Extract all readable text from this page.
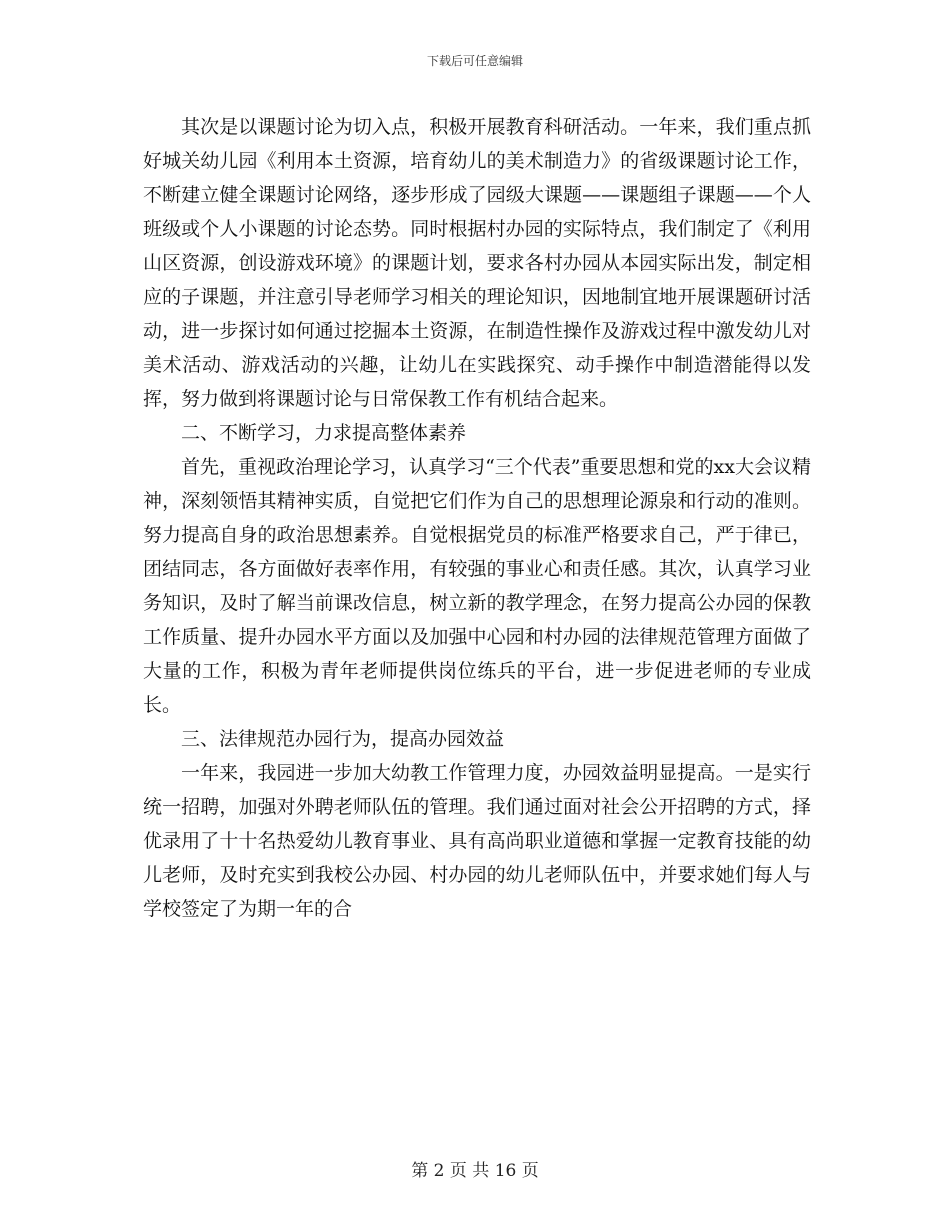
下载后可任意编辑

其次是以课题讨论为切入点，积极开展教育科研活动。一年来，我们重点抓好城关幼儿园《利用本土资源，培育幼儿的美术制造力》的省级课题讨论工作，不断建立健全课题讨论网络，逐步形成了园级大课题——课题组子课题——个人班级或个人小课题的讨论态势。同时根据村办园的实际特点，我们制定了《利用山区资源，创设游戏环境》的课题计划，要求各村办园从本园实际出发，制定相应的子课题，并注意引导老师学习相关的理论知识，因地制宜地开展课题研讨活动，进一步探讨如何通过挖掘本土资源，在制造性操作及游戏过程中激发幼儿对美术活动、游戏活动的兴趣，让幼儿在实践探究、动手操作中制造潜能得以发挥，努力做到将课题讨论与日常保教工作有机结合起来。

二、不断学习，力求提高整体素养

首先，重视政治理论学习，认真学习“三个代表”重要思想和党的xx大会议精神，深刻领悟其精神实质，自觉把它们作为自己的思想理论源泉和行动的准则。努力提高自身的政治思想素养。自觉根据党员的标准严格要求自己，严于律已，团结同志，各方面做好表率作用，有较强的事业心和责任感。其次，认真学习业务知识，及时了解当前课改信息，树立新的教学理念，在努力提高公办园的保教工作质量、提升办园水平方面以及加强中心园和村办园的法律规范管理方面做了大量的工作，积极为青年老师提供岗位练兵的平台，进一步促进老师的专业成长。

三、法律规范办园行为，提高办园效益

一年来，我园进一步加大幼教工作管理力度，办园效益明显提高。一是实行统一招聘，加强对外聘老师队伍的管理。我们通过面对社会公开招聘的方式，择优录用了十十名热爱幼儿教育事业、具有高尚职业道德和掌握一定教育技能的幼儿老师，及时充实到我校公办园、村办园的幼儿老师队伍中，并要求她们每人与学校签定了为期一年的合

第 2 页 共 16 页
